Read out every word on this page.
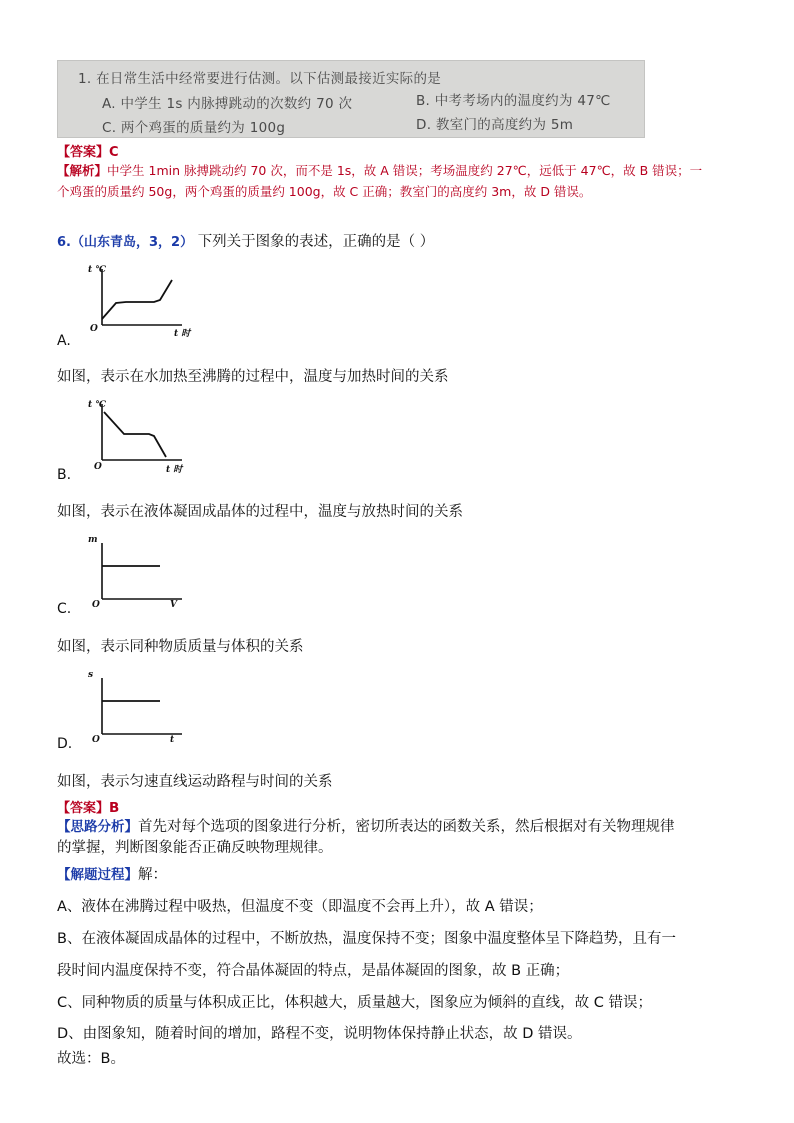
1. 在日常生活中经常要进行估测。以下估测最接近实际的是
A. 中学生 1s 内脉搏跳动的次数约 70 次	B. 中考考场内的温度约为 47℃
C. 两个鸡蛋的质量约为 100g	D. 教室门的高度约为 5m
【答案】C
【解析】中学生 1min 脉搏跳动约 70 次，而不是 1s，故 A 错误；考场温度约 27℃，远低于 47℃，故 B 错误；一
个鸡蛋的质量约 50g，两个鸡蛋的质量约 100g，故 C 正确；教室门的高度约 3m，故 D 错误。
6.（山东青岛，3，2） 下列关于图象的表述，正确的是（ ）
t ℃
O	t 时
A.
如图，表示在水加热至沸腾的过程中，温度与加热时间的关系
t ℃
O	t 时
B.
如图，表示在液体凝固成晶体的过程中，温度与放热时间的关系
m
O	V
C.
如图，表示同种物质质量与体积的关系
s
O	t
D.
如图，表示匀速直线运动路程与时间的关系
【答案】B
【思路分析】首先对每个选项的图象进行分析，密切所表达的函数关系，然后根据对有关物理规律
的掌握，判断图象能否正确反映物理规律。
【解题过程】解：
A、液体在沸腾过程中吸热，但温度不变（即温度不会再上升），故 A 错误；
B、在液体凝固成晶体的过程中，不断放热，温度保持不变；图象中温度整体呈下降趋势，且有一
段时间内温度保持不变，符合晶体凝固的特点，是晶体凝固的图象，故 B 正确；
C、同种物质的质量与体积成正比，体积越大，质量越大，图象应为倾斜的直线，故 C 错误；
D、由图象知，随着时间的增加，路程不变，说明物体保持静止状态，故 D 错误。
故选：B。
